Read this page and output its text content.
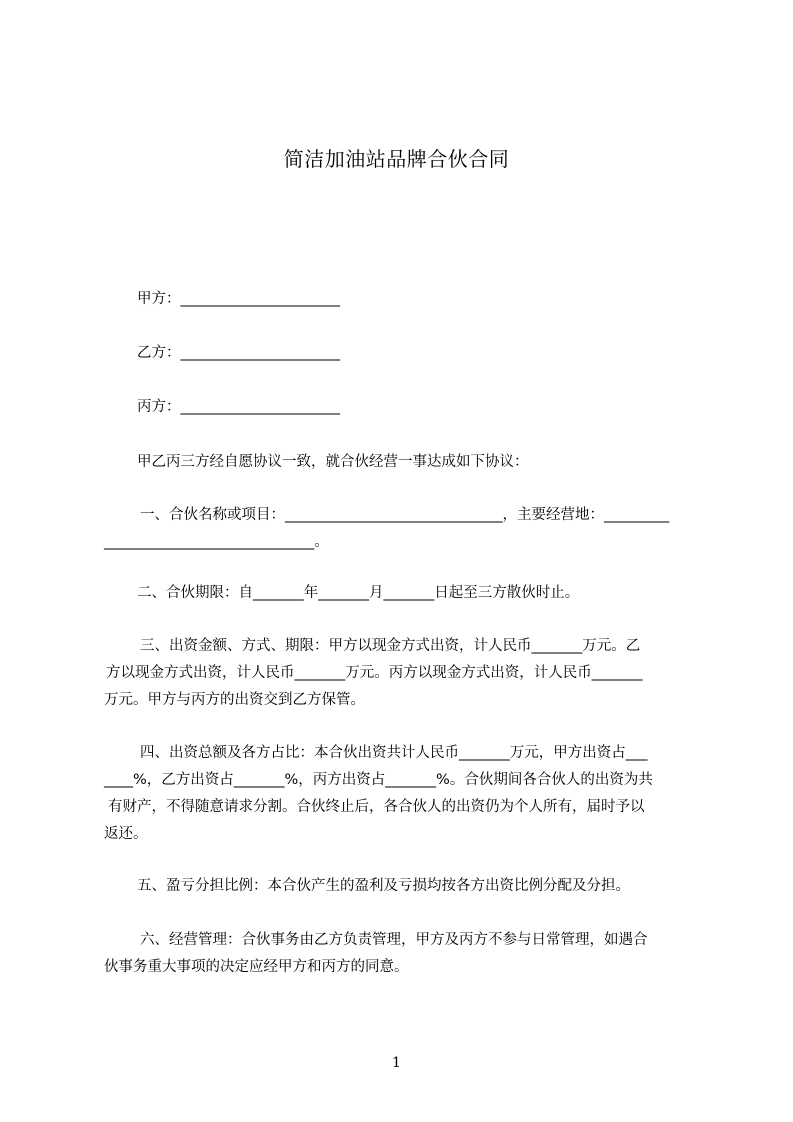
简洁加油站品牌合伙合同
甲方：______________________
乙方：______________________
丙方：______________________
甲乙丙三方经自愿协议一致，就合伙经营一事达成如下协议：
一、合伙名称或项目：______________________________，主要经营地：_________
_____________________________。
二、合伙期限：自_______年_______月_______日起至三方散伙时止。
三、出资金额、方式、期限：甲方以现金方式出资，计人民币_______万元。乙
方以现金方式出资，计人民币_______万元。丙方以现金方式出资，计人民币_______
万元。甲方与丙方的出资交到乙方保管。
四、出资总额及各方占比：本合伙出资共计人民币_______万元，甲方出资占___
____%，乙方出资占_______%，丙方出资占_______%。合伙期间各合伙人的出资为共
有财产，不得随意请求分割。合伙终止后，各合伙人的出资仍为个人所有，届时予以
返还。
五、盈亏分担比例：本合伙产生的盈利及亏损均按各方出资比例分配及分担。
六、经营管理：合伙事务由乙方负责管理，甲方及丙方不参与日常管理，如遇合
伙事务重大事项的决定应经甲方和丙方的同意。
1
